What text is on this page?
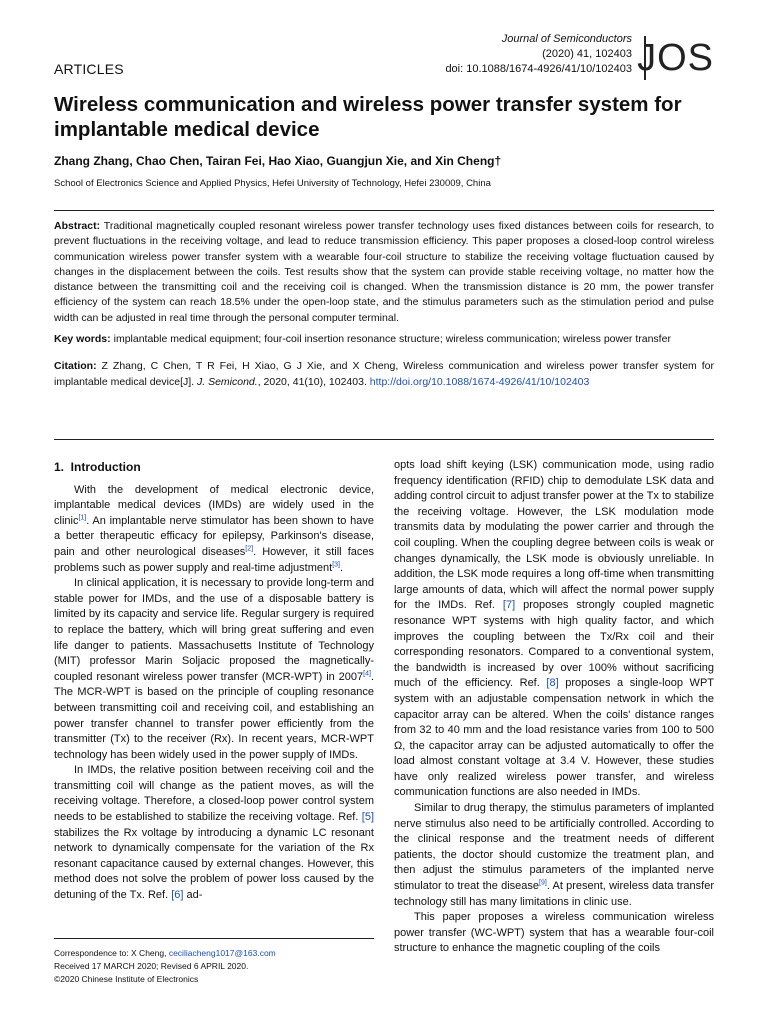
ARTICLES
Journal of Semiconductors
(2020) 41, 102403
doi: 10.1088/1674-4926/41/10/102403 JOS
Wireless communication and wireless power transfer system for implantable medical device
Zhang Zhang, Chao Chen, Tairan Fei, Hao Xiao, Guangjun Xie, and Xin Cheng†
School of Electronics Science and Applied Physics, Hefei University of Technology, Hefei 230009, China

Abstract: Traditional magnetically coupled resonant wireless power transfer technology uses fixed distances between coils for research, to prevent fluctuations in the receiving voltage, and lead to reduce transmission efficiency. This paper proposes a closed-loop control wireless communication wireless power transfer system with a wearable four-coil structure to stabilize the receiving voltage fluctuation caused by changes in the displacement between the coils. Test results show that the system can provide stable receiving voltage, no matter how the distance between the transmitting coil and the receiving coil is changed. When the transmission distance is 20 mm, the power transfer efficiency of the system can reach 18.5% under the open-loop state, and the stimulus parameters such as the stimulation period and pulse width can be adjusted in real time through the personal computer terminal.

Key words: implantable medical equipment; four-coil insertion resonance structure; wireless communication; wireless power transfer

Citation: Z Zhang, C Chen, T R Fei, H Xiao, G J Xie, and X Cheng, Wireless communication and wireless power transfer system for implantable medical device[J]. J. Semicond., 2020, 41(10), 102403. http://doi.org/10.1088/1674-4926/41/10/102403

1.  Introduction

With the development of medical electronic device, implantable medical devices (IMDs) are widely used in the clinic[1]. An implantable nerve stimulator has been shown to have a better therapeutic efficacy for epilepsy, Parkinson's disease, pain and other neurological diseases[2]. However, it still faces problems such as power supply and real-time adjustment[3].

In clinical application, it is necessary to provide long-term and stable power for IMDs, and the use of a disposable battery is limited by its capacity and service life. Regular surgery is required to replace the battery, which will bring great suffering and even life danger to patients. Massachusetts Institute of Technology (MIT) professor Marin Soljacic proposed the magnetically-coupled resonant wireless power transfer (MCR-WPT) in 2007[4]. The MCR-WPT is based on the principle of coupling resonance between transmitting coil and receiving coil, and establishing an power transfer channel to transfer power efficiently from the transmitter (Tx) to the receiver (Rx). In recent years, MCR-WPT technology has been widely used in the power supply of IMDs.

In IMDs, the relative position between receiving coil and the transmitting coil will change as the patient moves, as will the receiving voltage. Therefore, a closed-loop power control system needs to be established to stabilize the receiving voltage. Ref. [5] stabilizes the Rx voltage by introducing a dynamic LC resonant network to dynamically compensate for the variation of the Rx resonant capacitance caused by external changes. However, this method does not solve the problem of power loss caused by the detuning of the Tx. Ref. [6] ad-

opts load shift keying (LSK) communication mode, using radio frequency identification (RFID) chip to demodulate LSK data and adding control circuit to adjust transfer power at the Tx to stabilize the receiving voltage. However, the LSK modulation mode transmits data by modulating the power carrier and through the coil coupling. When the coupling degree between coils is weak or changes dynamically, the LSK mode is obviously unreliable. In addition, the LSK mode requires a long off-time when transmitting large amounts of data, which will affect the normal power supply for the IMDs. Ref. [7] proposes strongly coupled magnetic resonance WPT systems with high quality factor, and which improves the coupling between the Tx/Rx coil and their corresponding resonators. Compared to a conventional system, the bandwidth is increased by over 100% without sacrificing much of the efficiency. Ref. [8] proposes a single-loop WPT system with an adjustable compensation network in which the capacitor array can be altered. When the coils' distance ranges from 32 to 40 mm and the load resistance varies from 100 to 500 Ω, the capacitor array can be adjusted automatically to offer the load almost constant voltage at 3.4 V. However, these studies have only realized wireless power transfer, and wireless communication functions are also needed in IMDs.

Similar to drug therapy, the stimulus parameters of implanted nerve stimulus also need to be artificially controlled. According to the clinical response and the treatment needs of different patients, the doctor should customize the treatment plan, and then adjust the stimulus parameters of the implanted nerve stimulator to treat the disease[9]. At present, wireless data transfer technology still has many limitations in clinic use.

This paper proposes a wireless communication wireless power transfer (WC-WPT) system that has a wearable four-coil structure to enhance the magnetic coupling of the coils

Correspondence to: X Cheng, ceciliacheng1017@163.com
Received 17 MARCH 2020; Revised 6 APRIL 2020.
©2020 Chinese Institute of Electronics
